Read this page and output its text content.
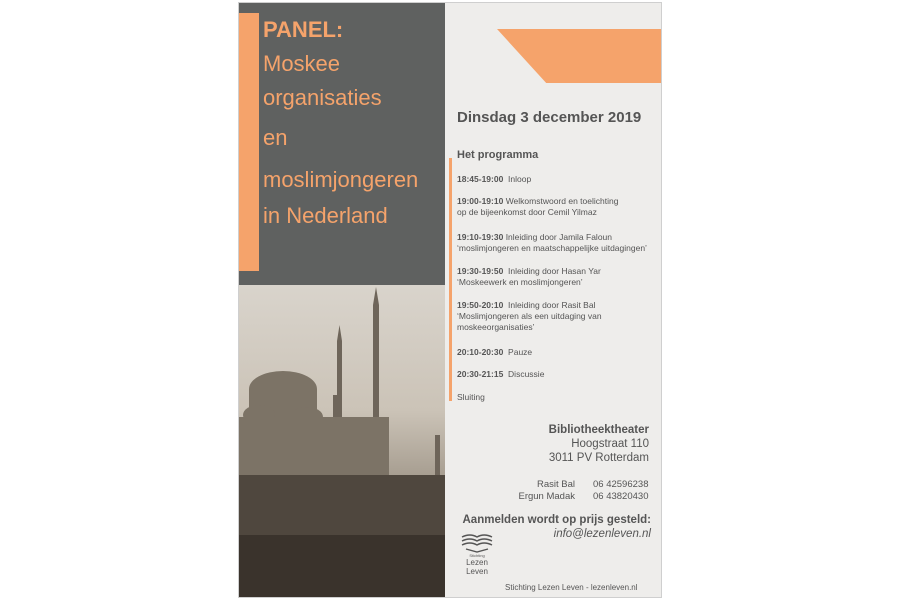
PANEL:
Moskee
organisaties
en
moslimjongeren
in Nederland
Dinsdag 3 december 2019
Het programma
18:45-19:00 Inloop
19:00-19:10 Welkomstwoord en toelichting
op de bijeenkomst door Cemil Yilmaz
19:10-19:30 Inleiding door Jamila Faloun
‘moslimjongeren en maatschappelijke uitdagingen’
19:30-19:50 Inleiding door Hasan Yar
‘Moskeewerk en moslimjongeren’
19:50-20:10 Inleiding door Rasit Bal
‘Moslimjongeren als een uitdaging van
moskeeorganisaties’
20:10-20:30 Pauze
20:30-21:15 Discussie
Sluiting
Bibliotheektheater
Hoogstraat 110
3011 PV Rotterdam
Rasit Bal	06 42596238
Ergun Madak	06 43820430
Aanmelden wordt op prijs gesteld:
info@lezenleven.nl
Stichting
Lezen
Leven
Stichting Lezen Leven - lezenleven.nl
